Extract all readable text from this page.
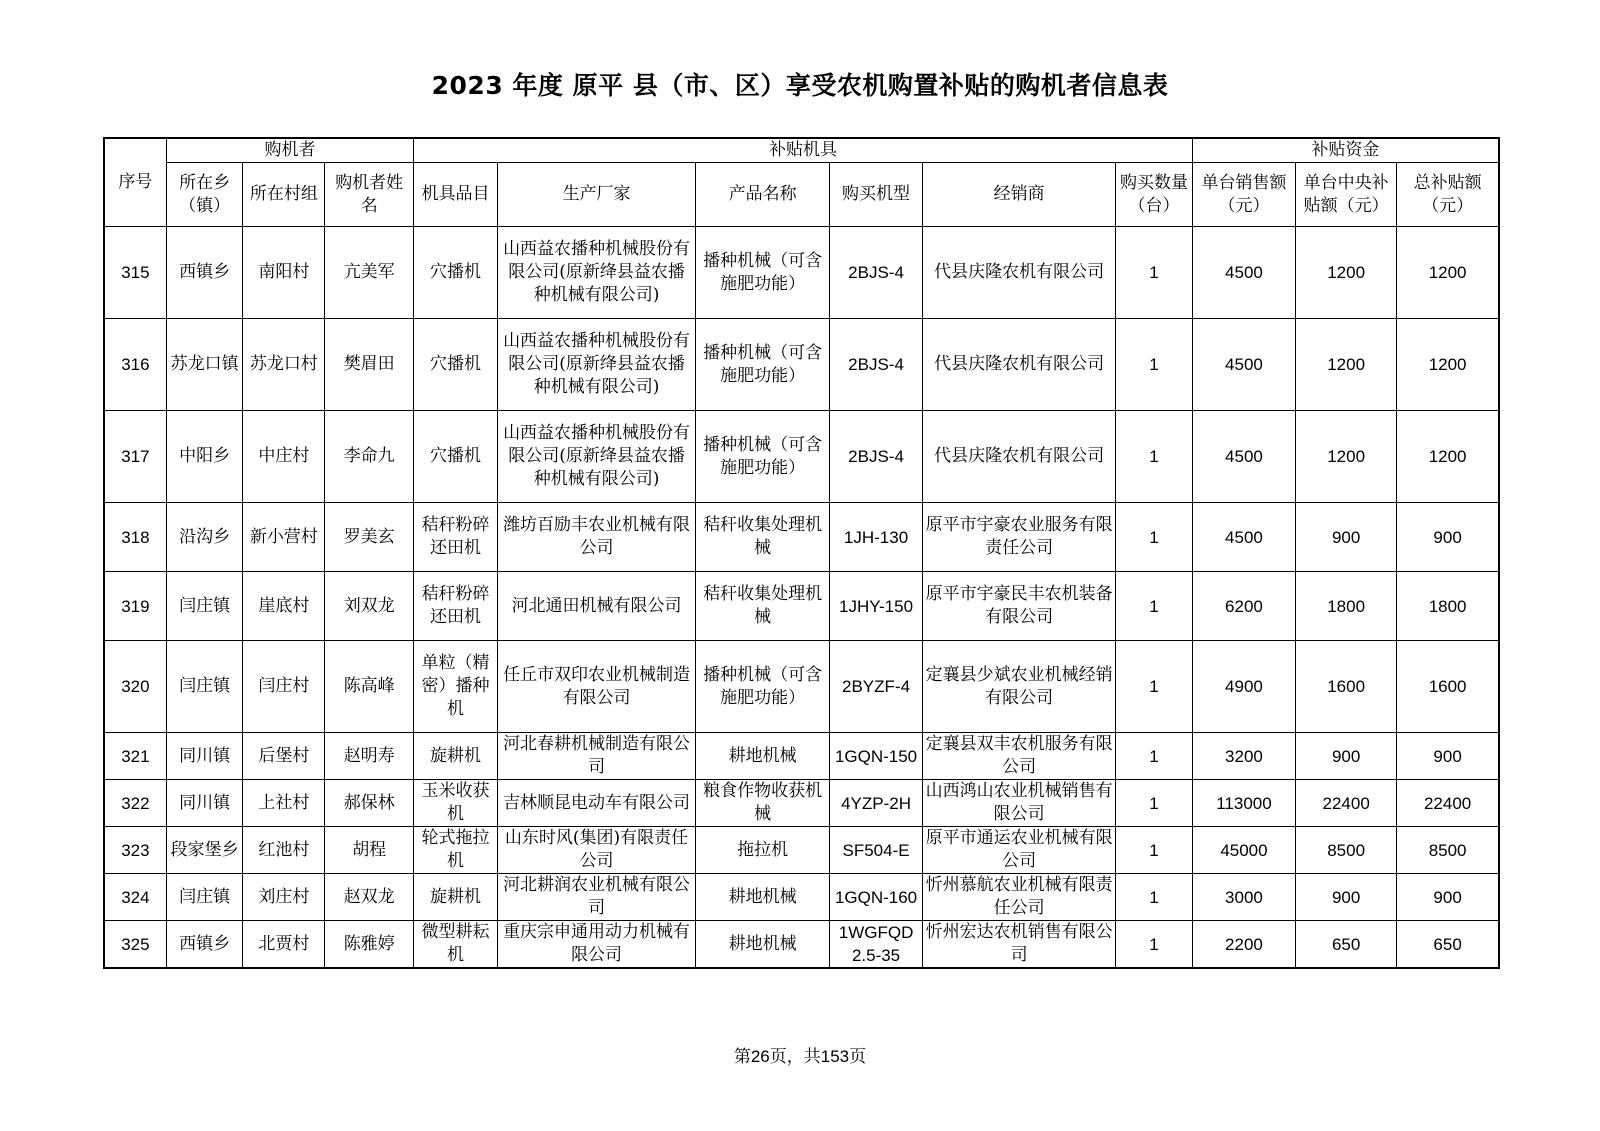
2023 年度 原平 县（市、区）享受农机购置补贴的购机者信息表
序号	购机者			补贴机具						补贴资金		
	所在乡（镇）	所在村组	购机者姓名	机具品目	生产厂家	产品名称	购买机型	经销商	购买数量（台）	单台销售额（元）	单台中央补贴额（元）	总补贴额（元）
315	西镇乡	南阳村	亢美军	穴播机	山西益农播种机械股份有限公司(原新绛县益农播种机械有限公司)	播种机械（可含施肥功能）	2BJS-4	代县庆隆农机有限公司	1	4500	1200	1200
316	苏龙口镇	苏龙口村	樊眉田	穴播机	山西益农播种机械股份有限公司(原新绛县益农播种机械有限公司)	播种机械（可含施肥功能）	2BJS-4	代县庆隆农机有限公司	1	4500	1200	1200
317	中阳乡	中庄村	李命九	穴播机	山西益农播种机械股份有限公司(原新绛县益农播种机械有限公司)	播种机械（可含施肥功能）	2BJS-4	代县庆隆农机有限公司	1	4500	1200	1200
318	沿沟乡	新小营村	罗美玄	秸秆粉碎还田机	潍坊百励丰农业机械有限公司	秸秆收集处理机械	1JH-130	原平市宇豪农业服务有限责任公司	1	4500	900	900
319	闫庄镇	崖底村	刘双龙	秸秆粉碎还田机	河北通田机械有限公司	秸秆收集处理机械	1JHY-150	原平市宇豪民丰农机装备有限公司	1	6200	1800	1800
320	闫庄镇	闫庄村	陈高峰	单粒（精密）播种机	任丘市双印农业机械制造有限公司	播种机械（可含施肥功能）	2BYZF-4	定襄县少斌农业机械经销有限公司	1	4900	1600	1600
321	同川镇	后堡村	赵明寿	旋耕机	河北春耕机械制造有限公司	耕地机械	1GQN-150	定襄县双丰农机服务有限公司	1	3200	900	900
322	同川镇	上社村	郝保林	玉米收获机	吉林顺昆电动车有限公司	粮食作物收获机械	4YZP-2H	山西鸿山农业机械销售有限公司	1	113000	22400	22400
323	段家堡乡	红池村	胡程	轮式拖拉机	山东时风(集团)有限责任公司	拖拉机	SF504-E	原平市通运农业机械有限公司	1	45000	8500	8500
324	闫庄镇	刘庄村	赵双龙	旋耕机	河北耕润农业机械有限公司	耕地机械	1GQN-160	忻州慕航农业机械有限责任公司	1	3000	900	900
325	西镇乡	北贾村	陈雅婷	微型耕耘机	重庆宗申通用动力机械有限公司	耕地机械	1WGFQD2.5-35	忻州宏达农机销售有限公司	1	2200	650	650
第26页，共153页
